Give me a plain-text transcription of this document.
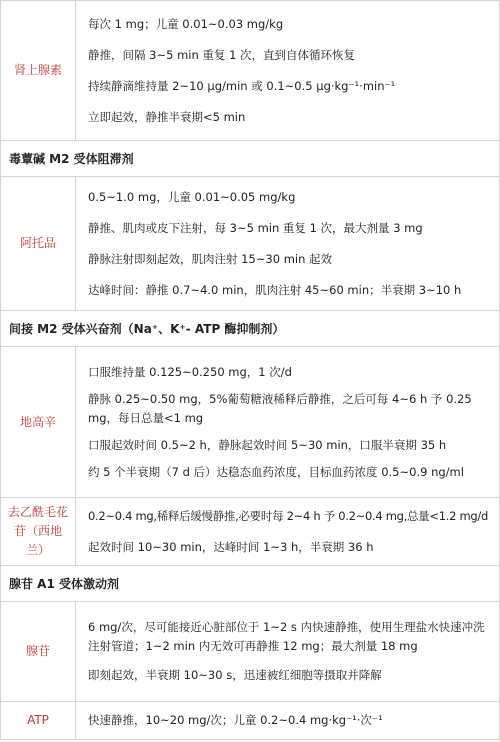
肾上腺素	每次 1 mg；儿童 0.01~0.03 mg/kg

静推，间隔 3~5 min 重复 1 次，直到自体循环恢复

持续静滴维持量 2~10 μg/min 或 0.1~0.5 μg·kg⁻¹·min⁻¹

立即起效，静推半衰期<5 min

毒蕈碱 M2 受体阻滞剂	
阿托品	0.5~1.0 mg，儿童 0.01~0.05 mg/kg

静推、肌肉或皮下注射，每 3~5 min 重复 1 次，最大剂量 3 mg

静脉注射即刻起效，肌肉注射 15~30 min 起效

达峰时间：静推 0.7~4.0 min，肌肉注射 45~60 min；半衰期 3~10 h

间接 M2 受体兴奋剂（Na⁺、K⁺- ATP 酶抑制剂）	
地高辛	口服维持量 0.125~0.250 mg，1 次/d

静脉 0.25~0.50 mg，5%葡萄糖液稀释后静推，之后可每 4~6 h 予 0.25 mg，每日总量<1 mg

口服起效时间 0.5~2 h，静脉起效时间 5~30 min，口服半衰期 35 h

约 5 个半衰期（7 d 后）达稳态血药浓度，目标血药浓度 0.5~0.9 ng/ml

去乙酰毛花苷（西地兰）	0.2~0.4 mg,稀释后缓慢静推,必要时每 2~4 h 予 0.2~0.4 mg,总量<1.2 mg/d

起效时间 10~30 min，达峰时间 1~3 h，半衰期 36 h

腺苷 A1 受体激动剂	
腺苷	6 mg/次，尽可能接近心脏部位于 1~2 s 内快速静推，使用生理盐水快速冲洗注射管道；1~2 min 内无效可再静推 12 mg；最大剂量 18 mg

即刻起效，半衰期 10~30 s，迅速被红细胞等摄取并降解

ATP	快速静推，10~20 mg/次；儿童 0.2~0.4 mg·kg⁻¹·次⁻¹
